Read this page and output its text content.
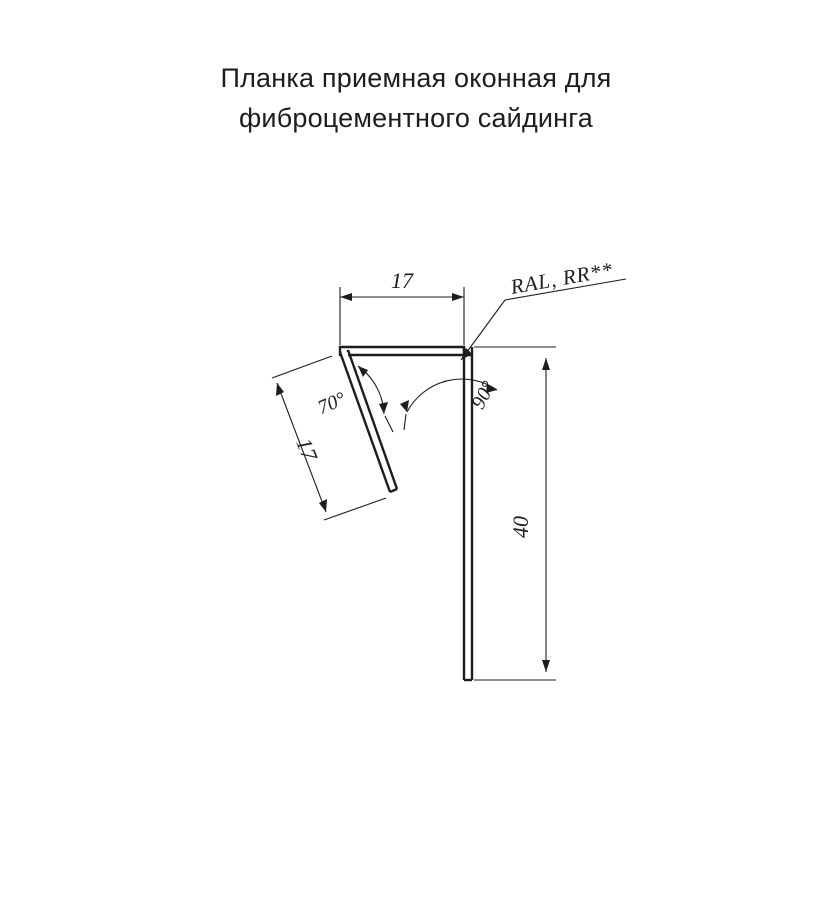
Планка приемная оконная для
фиброцементного сайдинга
17
17
40
70°	90°
RAL, RR**
